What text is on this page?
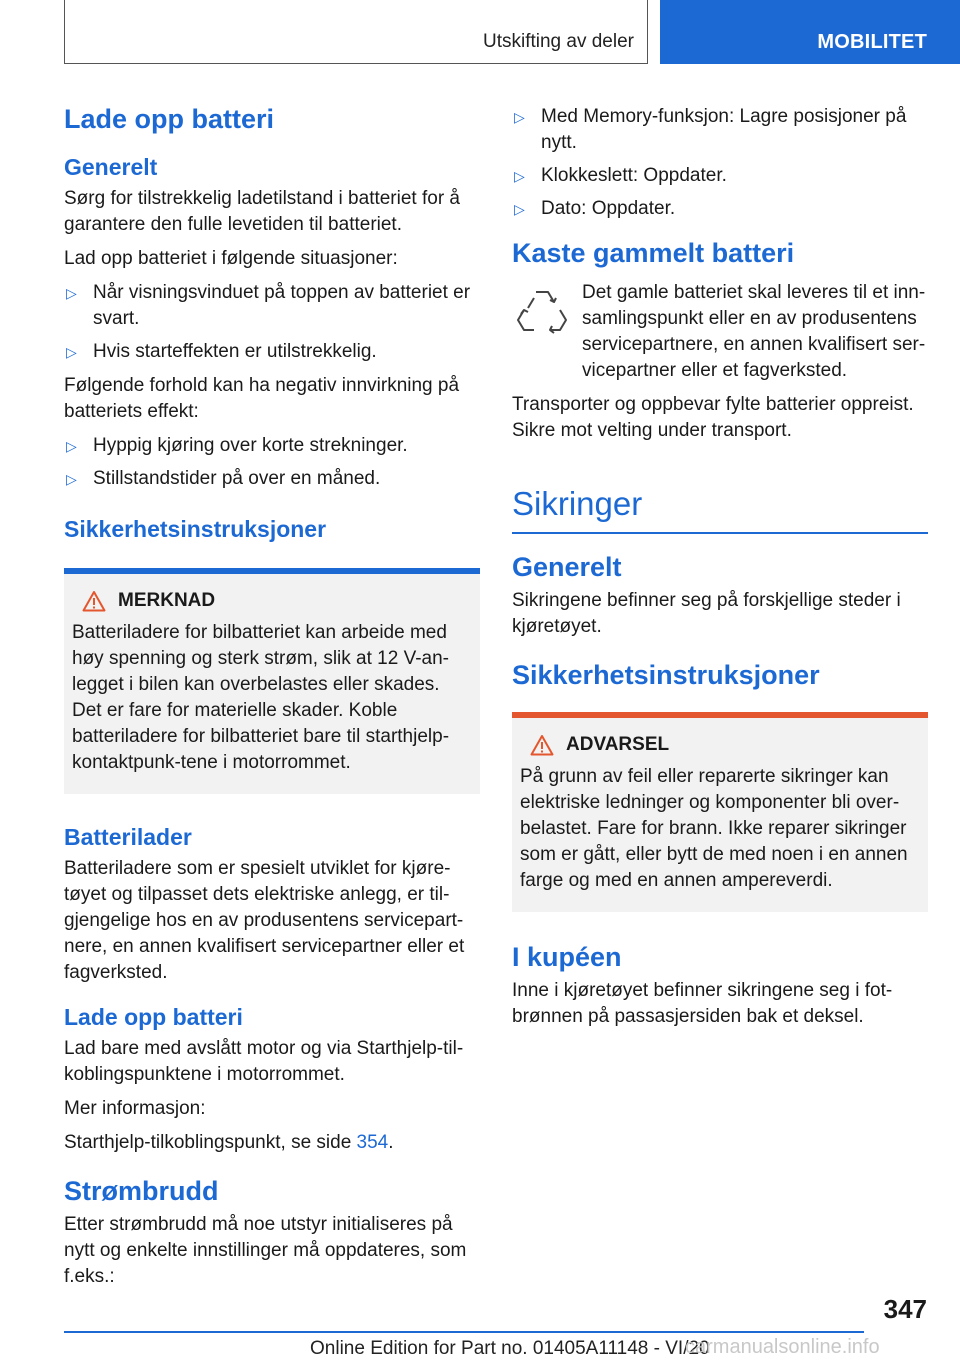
Utskifting av deler	MOBILITET
Lade opp batteri
Generelt
Sørg for tilstrekkelig ladetilstand i batteriet for å garantere den fulle levetiden til batteriet.
Lad opp batteriet i følgende situasjoner:
▷ Når visningsvinduet på toppen av batteriet er svart.
▷ Hvis starteffekten er utilstrekkelig.
Følgende forhold kan ha negativ innvirkning på batteriets effekt:
▷ Hyppig kjøring over korte strekninger.
▷ Stillstandstider på over en måned.
Sikkerhetsinstruksjoner
MERKNAD
Batteriladere for bilbatteriet kan arbeide med høy spenning og sterk strøm, slik at 12 V-an-legget i bilen kan overbelastes eller skades. Det er fare for materielle skader. Koble batteriladere for bilbatteriet bare til starthjelp-kontaktpunk-tene i motorrommet.
Batterilader
Batteriladere som er spesielt utviklet for kjøre-tøyet og tilpasset dets elektriske anlegg, er til-gjengelige hos en av produsentens servicepart-nere, en annen kvalifisert servicepartner eller et fagverksted.
Lade opp batteri
Lad bare med avslått motor og via Starthjelp-til-koblingspunktene i motorrommet.
Mer informasjon:
Starthjelp-tilkoblingspunkt, se side 354.
Strømbrudd
Etter strømbrudd må noe utstyr initialiseres på nytt og enkelte innstillinger må oppdateres, som f.eks.:
▷ Med Memory-funksjon: Lagre posisjoner på nytt.
▷ Klokkeslett: Oppdater.
▷ Dato: Oppdater.
Kaste gammelt batteri
Det gamle batteriet skal leveres til et inn-samlingspunkt eller en av produsentens servicepartnere, en annen kvalifisert ser-vicepartner eller et fagverksted.
Transporter og oppbevar fylte batterier oppreist. Sikre mot velting under transport.
Sikringer
Generelt
Sikringene befinner seg på forskjellige steder i kjøretøyet.
Sikkerhetsinstruksjoner
ADVARSEL
På grunn av feil eller reparerte sikringer kan elektriske ledninger og komponenter bli over-belastet. Fare for brann. Ikke reparer sikringer som er gått, eller bytt de med noen i en annen farge og med en annen ampereverdi.
I kupéen
Inne i kjøretøyet befinner sikringene seg i fot-brønnen på passasjersiden bak et deksel.
347
Online Edition for Part no. 01405A11148 - VI/20
carmanualsonline.info
